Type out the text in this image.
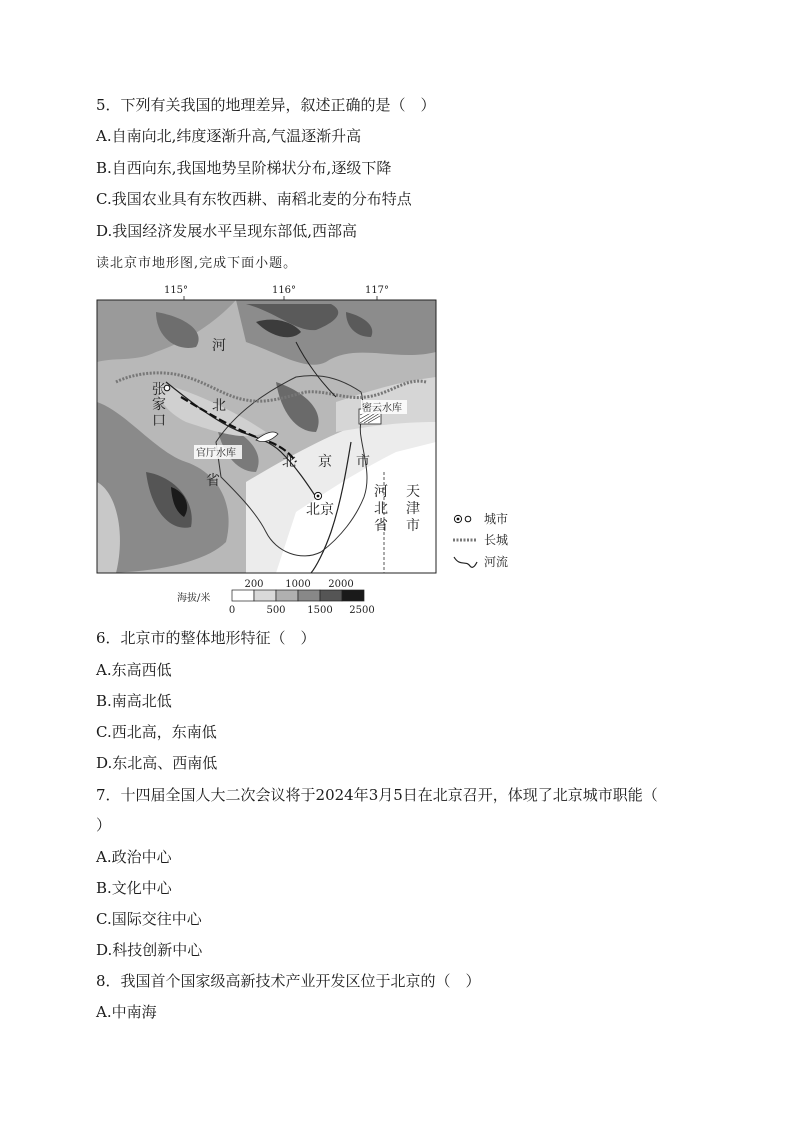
5．下列有关我国的地理差异，叙述正确的是（　）
A.自南向北,纬度逐渐升高,气温逐渐升高
B.自西向东,我国地势呈阶梯状分布,逐级下降
C.我国农业具有东牧西耕、南稻北麦的分布特点
D.我国经济发展水平呈现东部低,西部高
读北京市地形图,完成下面小题。
115°	116°	117°
密云水库
官厅水库
河
北
省
张
家
口
北 京 市
北京
河
北
省
天
津
市	城市
长城
河流
海拔/米
200 1000 2000
0	500 1500 2500
6．北京市的整体地形特征（　）
A.东高西低
B.南高北低
C.西北高，东南低
D.东北高、西南低
7．十四届全国人大二次会议将于2024年3月5日在北京召开，体现了北京城市职能（
）
A.政治中心
B.文化中心
C.国际交往中心
D.科技创新中心
8．我国首个国家级高新技术产业开发区位于北京的（　）
A.中南海
